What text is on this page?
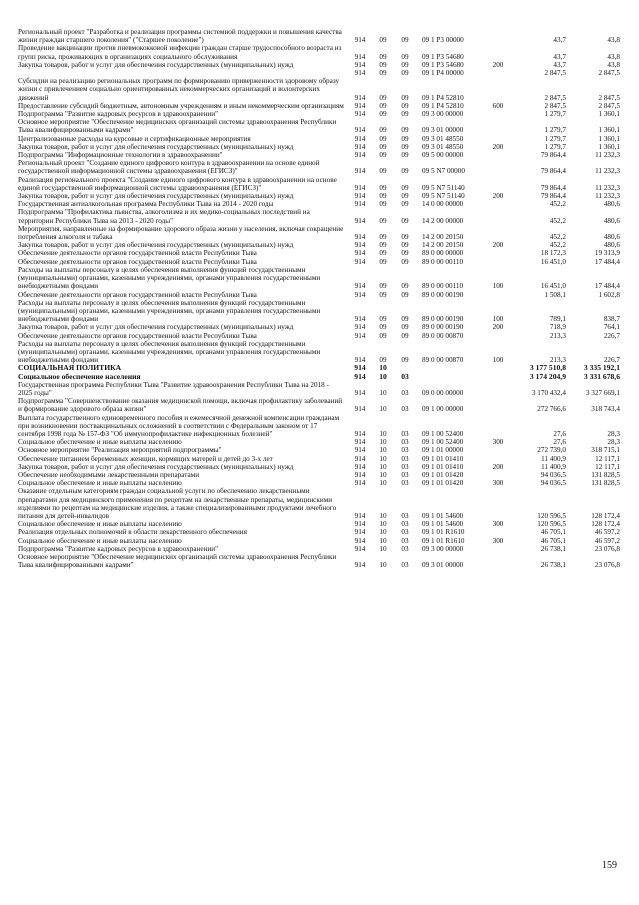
Региональный проект "Разработка и реализация программы системной поддержки и повышения качества жизни граждан старшего поколения" ("Старшее поколение")	914	09	09	09 1 P3 00000	43,7	43,8
Проведение вакцинации против пневмококковой инфекции граждан старше трудоспособного возраста из групп риска, проживающих в организациях социального обслуживания	914	09	09	09 1 P3 54680	43,7	43,8
Закупка товаров, работ и услуг для обеспечения государственных (муниципальных) нужд	914	09	09	09 1 P3 54680	200	43,7	43,8
914	09	09	09 1 P4 00000	2 847,5	2 847,5
Субсидии на реализацию региональных программ по формированию приверженности здоровому образу жизни с привлечением социально ориентированных некоммерческих организаций и волонтерских движений	914	09	09	09 1 P4 52810	2 847,5	2 847,5
Предоставление субсидий бюджетным, автономным учреждениям и иным некоммерческим организациям	914	09	09	09 1 P4 52810	600	2 847,5	2 847,5
Подпрограмма "Развитие кадровых ресурсов в здравоохранении"	914	09	09	09 3 00 00000	1 279,7	1 360,1
Основное мероприятие "Обеспечение медицинских организаций системы здравоохранения Республики Тыва квалифицированными кадрами"	914	09	09	09 3 01 00000	1 279,7	1 360,1
Централизованные расходы на курсовые и сертификационные мероприятия	914	09	09	09 3 01 48550	1 279,7	1 360,1
Закупка товаров, работ и услуг для обеспечения государственных (муниципальных) нужд	914	09	09	09 3 01 48550	200	1 279,7	1 360,1
Подпрограмма "Информационные технологии в здравоохранении"	914	09	09	09 5 00 00000	79 864,4	11 232,3
Региональный проект "Создание единого цифрового контура в здравоохранении на основе единой государственной информационной системы здравоохранения (ЕГИСЗ)"	914	09	09	09 5 N7 00000	79 864,4	11 232,3
Реализация регионального проекта "Создание единого цифрового контура в здравоохранении на основе единой государственной информационной системы здравоохранения (ЕГИСЗ)"	914	09	09	09 5 N7 51140	79 864,4	11 232,3
Закупка товаров, работ и услуг для обеспечения государственных (муниципальных) нужд	914	09	09	09 5 N7 51140	200	79 864,4	11 232,3
Государственная антиалкогольная программа Республики Тыва на 2014 - 2020 годы	914	09	09	14 0 00 00000	452,2	480,6
Подпрограмма "Профилактика пьянства, алкоголизма и их медико-социальных последствий на территории Республики Тыва на 2013 - 2020 годы"	914	09	09	14 2 00 00000	452,2	480,6
Мероприятия, направленные на формирование здорового образа жизни у населения, включая сокращение потребления алкоголя и табака	914	09	09	14 2 00 20150	452,2	480,6
Закупка товаров, работ и услуг для обеспечения государственных (муниципальных) нужд	914	09	09	14 2 00 20150	200	452,2	480,6
Обеспечение деятельности органов государственной власти Республики Тыва	914	09	09	89 0 00 00000	18 172,3	19 313,9
Обеспечение деятельности органов государственной власти Республики Тыва	914	09	09	89 0 00 00110	16 451,0	17 484,4
Расходы на выплаты персоналу в целях обеспечения выполнения функций государственными (муниципальными) органами, казенными учреждениями, органами управления государственными внебюджетными фондами	914	09	09	89 0 00 00110	100	16 451,0	17 484,4
Обеспечение деятельности органов государственной власти Республики Тыва	914	09	09	89 0 00 00190	1 508,1	1 602,8
Расходы на выплаты персоналу в целях обеспечения выполнения функций государственными (муниципальными) органами, казенными учреждениями, органами управления государственными внебюджетными фондами	914	09	09	89 0 00 00190	100	789,1	838,7
Закупка товаров, работ и услуг для обеспечения государственных (муниципальных) нужд	914	09	09	89 0 00 00190	200	718,9	764,1
Обеспечение деятельности органов государственной власти Республики Тыва	914	09	09	89 0 00 00870	213,3	226,7
Расходы на выплаты персоналу в целях обеспечения выполнения функций государственными (муниципальными) органами, казенными учреждениями, органами управления государственными внебюджетными фондами	914	09	09	89 0 00 00870	100	213,3	226,7
СОЦИАЛЬНАЯ ПОЛИТИКА	914	10	3 177 510,8	3 335 192,1
Социальное обеспечение населения	914	10	03	3 174 204,9	3 331 678,6
Государственная программа Республики Тыва "Развитие здравоохранения Республики Тыва на 2018 - 2025 годы"	914	10	03	09 0 00 00000	3 170 432,4	3 327 669,1
Подпрограмма "Совершенствование оказания медицинской помощи, включая профилактику заболеваний и формирование здорового образа жизни"	914	10	03	09 1 00 00000	272 766,6	318 743,4
Выплата государственного единовременного пособия и ежемесячной денежной компенсации гражданам при возникновении поствакцинальных осложнений в соответствии с Федеральным законом от 17 сентября 1998 года № 157-ФЗ "Об иммунопрофилактике инфекционных болезней"	914	10	03	09 1 00 52400	27,6	28,3
Социальное обеспечение и иные выплаты населению	914	10	03	09 1 00 52400	300	27,6	28,3
Основное мероприятие "Реализация мероприятий подпрограммы"	914	10	03	09 1 01 00000	272 739,0	318 715,1
Обеспечение питанием беременных женщин, кормящих матерей и детей до 3-х лет	914	10	03	09 1 01 01410	11 400,9	12 117,1
Закупка товаров, работ и услуг для обеспечения государственных (муниципальных) нужд	914	10	03	09 1 01 01410	200	11 400,9	12 117,1
Обеспечение необходимыми лекарственными препаратами	914	10	03	09 1 01 01420	94 036,5	131 828,5
Социальное обеспечение и иные выплаты населению	914	10	03	09 1 01 01420	300	94 036,5	131 828,5
Оказание отдельным категориям граждан социальной услуги по обеспечению лекарственными препаратами для медицинского применения по рецептам на лекарственные препараты, медицинскими изделиями по рецептам на медицинские изделия, а также специализированными продуктами лечебного питания для детей-инвалидов	914	10	03	09 1 01 54600	120 596,5	128 172,4
Социальное обеспечение и иные выплаты населению	914	10	03	09 1 01 54600	300	120 596,5	128 172,4
Реализация отдельных полномочий в области лекарственного обеспечения	914	10	03	09 1 01 R1610	46 705,1	46 597,2
Социальное обеспечение и иные выплаты населению	914	10	03	09 1 01 R1610	300	46 705,1	46 597,2
Подпрограмма "Развитие кадровых ресурсов в здравоохранении"	914	10	03	09 3 00 00000	26 738,1	23 076,8
Основное мероприятие "Обеспечение медицинских организаций системы здравоохранения Республики Тыва квалифицированными кадрами"	914	10	03	09 3 01 00000	26 738,1	23 076,8
159
